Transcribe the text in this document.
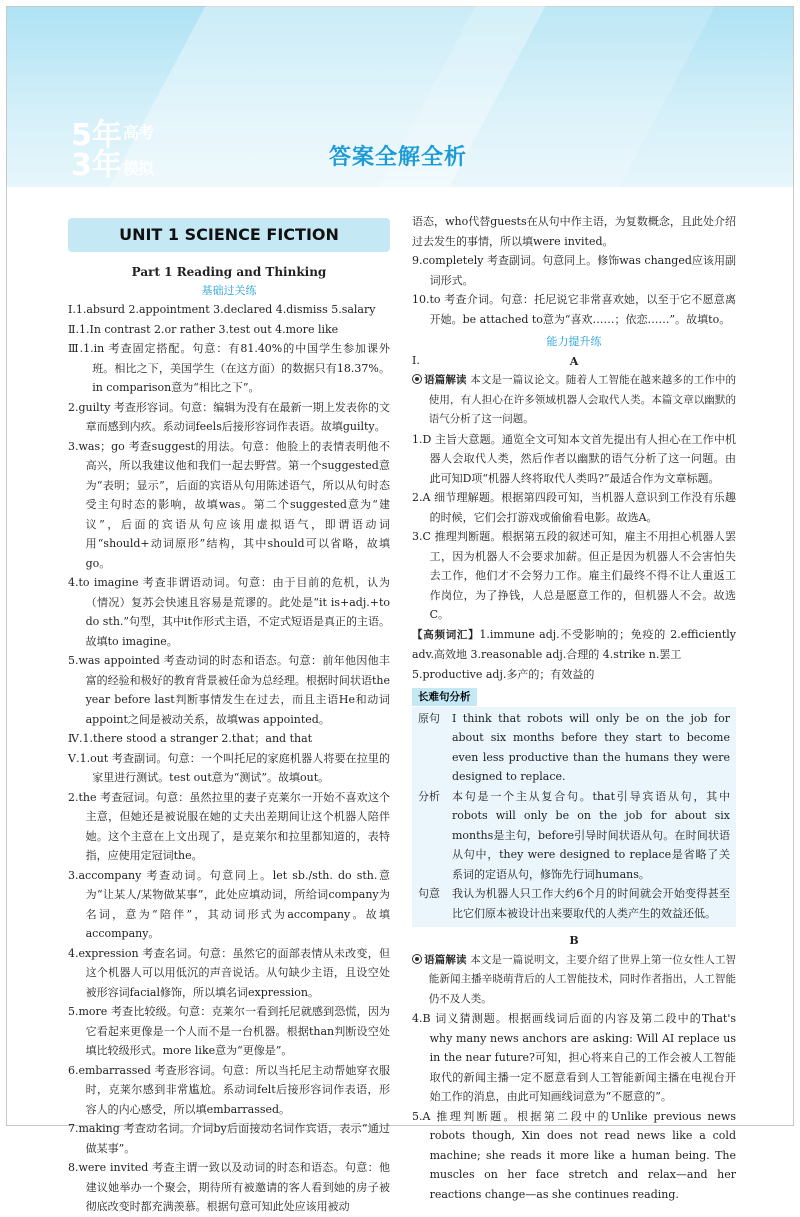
5年 高考
3年 模拟	答案全解全析
UNIT 1 SCIENCE FICTION
Part 1 Reading and Thinking
基础过关练
Ⅰ.1.absurd 2.appointment 3.declared 4.dismiss 5.salary
Ⅱ.1.In contrast 2.or rather 3.test out 4.more like
Ⅲ.1.in 考查固定搭配。句意：有81.40%的中国学生参加课外班。相比之下，美国学生（在这方面）的数据只有18.37%。in comparison意为“相比之下”。
2.guilty 考查形容词。句意：编辑为没有在最新一期上发表你的文章而感到内疚。系动词feels后接形容词作表语。故填guilty。
3.was；go 考查suggest的用法。句意：他脸上的表情表明他不高兴，所以我建议他和我们一起去野营。第一个suggested意为“表明；显示”，后面的宾语从句用陈述语气，所以从句时态受主句时态的影响，故填was。第二个suggested意为“建议”，后面的宾语从句应该用虚拟语气，即谓语动词用“should+动词原形”结构，其中should可以省略，故填go。
4.to imagine 考查非谓语动词。句意：由于目前的危机，认为（情况）复苏会快速且容易是荒谬的。此处是“it is+adj.+to do sth.”句型，其中it作形式主语，不定式短语是真正的主语。故填to imagine。
5.was appointed 考查动词的时态和语态。句意：前年他因他丰富的经验和极好的教育背景被任命为总经理。根据时间状语the year before last判断事情发生在过去，而且主语He和动词appoint之间是被动关系，故填was appointed。
Ⅳ.1.there stood a stranger 2.that；and that
Ⅴ.1.out 考查副词。句意：一个叫托尼的家庭机器人将要在拉里的家里进行测试。test out意为“测试”。故填out。
2.the 考查冠词。句意：虽然拉里的妻子克莱尔一开始不喜欢这个主意，但她还是被说服在她的丈夫出差期间让这个机器人陪伴她。这个主意在上文出现了，是克莱尔和拉里都知道的，表特指，应使用定冠词the。
3.accompany 考查动词。句意同上。let sb./sth. do sth.意为“让某人/某物做某事”，此处应填动词，所给词company为名词，意为“陪伴”，其动词形式为accompany。故填accompany。
4.expression 考查名词。句意：虽然它的面部表情从未改变，但这个机器人可以用低沉的声音说话。从句缺少主语，且设空处被形容词facial修饰，所以填名词expression。
5.more 考查比较级。句意：克莱尔一看到托尼就感到恐慌，因为它看起来更像是一个人而不是一台机器。根据than判断设空处填比较级形式。more like意为“更像是”。
6.embarrassed 考查形容词。句意：所以当托尼主动帮她穿衣服时，克莱尔感到非常尴尬。系动词felt后接形容词作表语，形容人的内心感受，所以填embarrassed。
7.making 考查动名词。介词by后面接动名词作宾语，表示“通过做某事”。
8.were invited 考查主谓一致以及动词的时态和语态。句意：他建议她举办一个聚会，期待所有被邀请的客人看到她的房子被彻底改变时都充满羡慕。根据句意可知此处应该用被动
语态，who代替guests在从句中作主语，为复数概念，且此处介绍过去发生的事情，所以填were invited。
9.completely 考查副词。句意同上。修饰was changed应该用副词形式。
10.to 考查介词。句意：托尼说它非常喜欢她，以至于它不愿意离开她。be attached to意为“喜欢……；依恋……”。故填to。
能力提升练
Ⅰ.	A
语篇解读 本文是一篇议论文。随着人工智能在越来越多的工作中的使用，有人担心在许多领域机器人会取代人类。本篇文章以幽默的语气分析了这一问题。
1.D 主旨大意题。通览全文可知本文首先提出有人担心在工作中机器人会取代人类，然后作者以幽默的语气分析了这一问题。由此可知D项“机器人终将取代人类吗?”最适合作为文章标题。
2.A 细节理解题。根据第四段可知，当机器人意识到工作没有乐趣的时候，它们会打游戏或偷偷看电影。故选A。
3.C 推理判断题。根据第五段的叙述可知，雇主不用担心机器人罢工，因为机器人不会要求加薪。但正是因为机器人不会害怕失去工作，他们才不会努力工作。雇主们最终不得不让人重返工作岗位，为了挣钱，人总是愿意工作的，但机器人不会。故选C。
【高频词汇】1.immune adj.不受影响的；免疫的 2.efficiently adv.高效地 3.reasonable adj.合理的 4.strike n.罢工
5.productive adj.多产的；有效益的
长难句分析
原句	I think that robots will only be on the job for about six months before they start to become even less productive than the humans they were designed to replace.
分析	本句是一个主从复合句。that引导宾语从句，其中robots will only be on the job for about six months是主句，before引导时间状语从句。在时间状语从句中，they were designed to replace是省略了关系词的定语从句，修饰先行词humans。
句意	我认为机器人只工作大约6个月的时间就会开始变得甚至比它们原本被设计出来要取代的人类产生的效益还低。
B
语篇解读 本文是一篇说明文，主要介绍了世界上第一位女性人工智能新闻主播辛晓萌背后的人工智能技术，同时作者指出，人工智能仍不及人类。
4.B 词义猜测题。根据画线词后面的内容及第二段中的That's why many news anchors are asking: Will AI replace us in the near future?可知，担心将来自己的工作会被人工智能取代的新闻主播一定不愿意看到人工智能新闻主播在电视台开始工作的消息，由此可知画线词意为“不愿意的”。
5.A 推理判断题。根据第二段中的Unlike previous news robots though, Xin does not read news like a cold machine; she reads it more like a human being. The muscles on her face stretch and relax—and her reactions change—as she continues reading.
